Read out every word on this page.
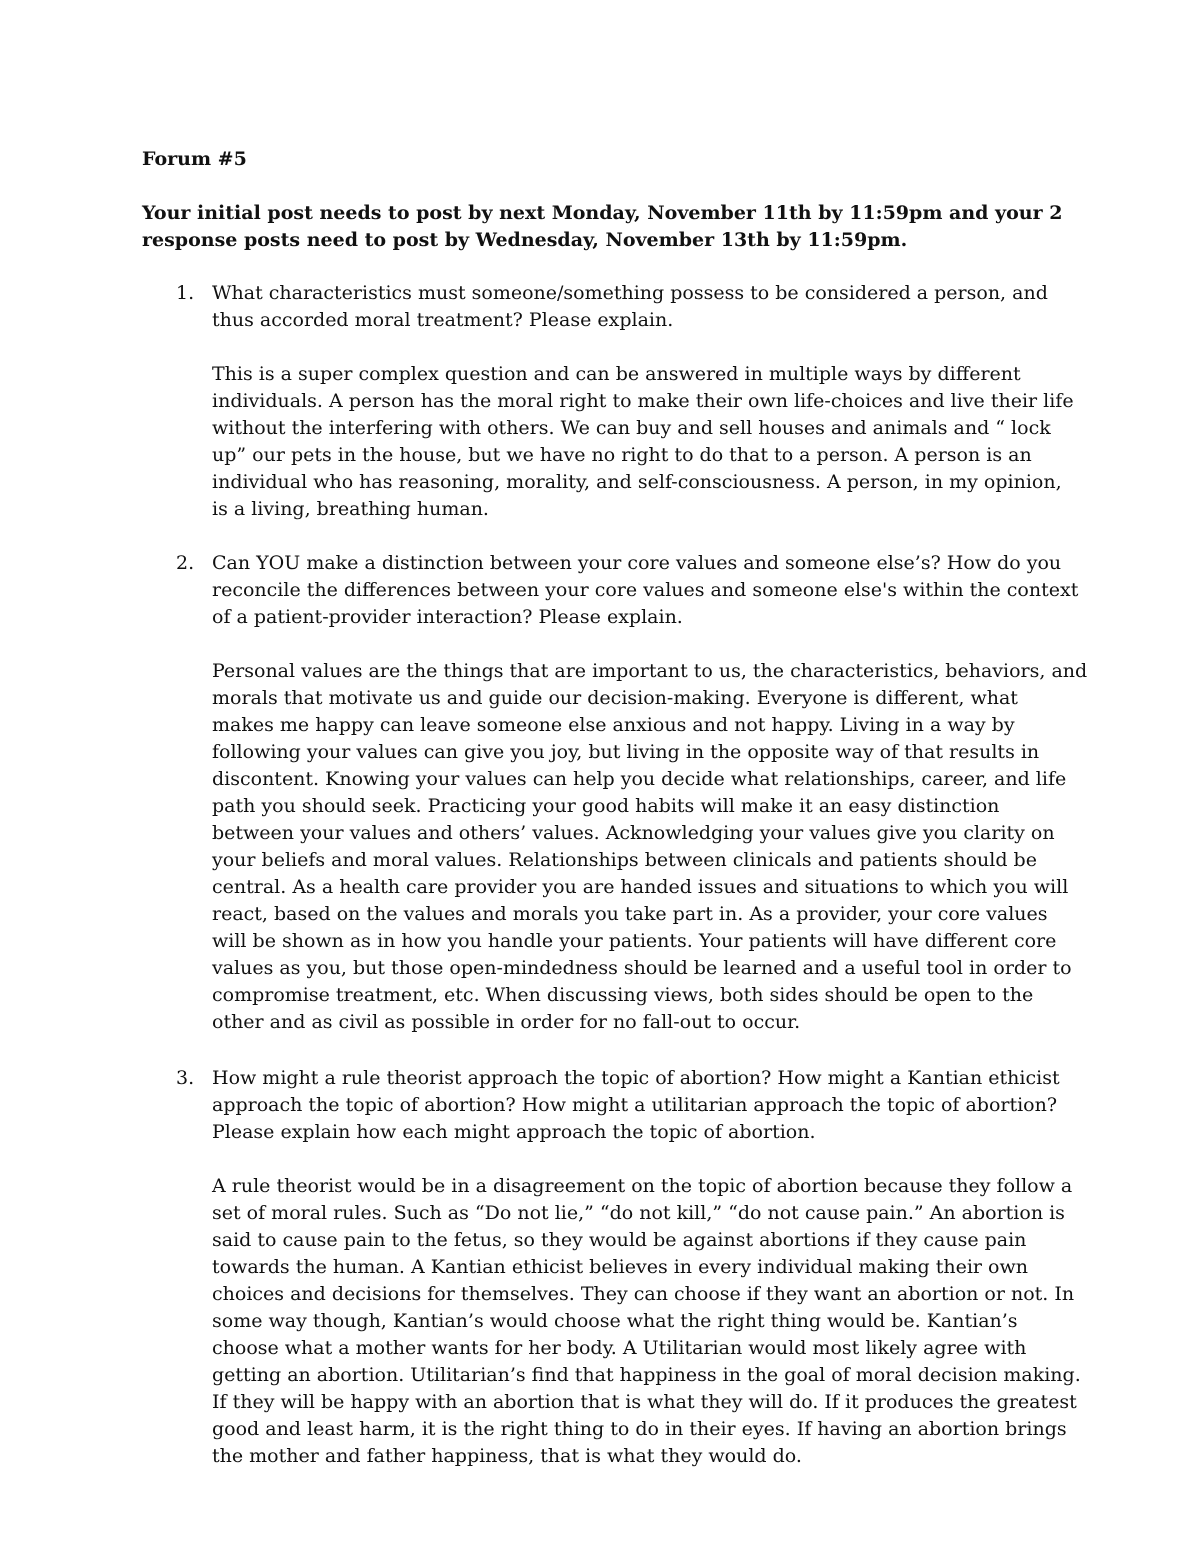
Forum #5
Your initial post needs to post by next Monday, November 11th by 11:59pm and your 2
response posts need to post by Wednesday, November 13th by 11:59pm.
1. What characteristics must someone/something possess to be considered a person, and
thus accorded moral treatment? Please explain.
This is a super complex question and can be answered in multiple ways by different
individuals. A person has the moral right to make their own life-choices and live their life
without the interfering with others. We can buy and sell houses and animals and “ lock
up” our pets in the house, but we have no right to do that to a person. A person is an
individual who has reasoning, morality, and self-consciousness. A person, in my opinion,
is a living, breathing human.
2. Can YOU make a distinction between your core values and someone else’s? How do you
reconcile the differences between your core values and someone else's within the context
of a patient-provider interaction? Please explain.
Personal values are the things that are important to us, the characteristics, behaviors, and
morals that motivate us and guide our decision-making. Everyone is different, what
makes me happy can leave someone else anxious and not happy. Living in a way by
following your values can give you joy, but living in the opposite way of that results in
discontent. Knowing your values can help you decide what relationships, career, and life
path you should seek. Practicing your good habits will make it an easy distinction
between your values and others’ values. Acknowledging your values give you clarity on
your beliefs and moral values. Relationships between clinicals and patients should be
central. As a health care provider you are handed issues and situations to which you will
react, based on the values and morals you take part in. As a provider, your core values
will be shown as in how you handle your patients. Your patients will have different core
values as you, but those open-mindedness should be learned and a useful tool in order to
compromise treatment, etc. When discussing views, both sides should be open to the
other and as civil as possible in order for no fall-out to occur.
3. How might a rule theorist approach the topic of abortion? How might a Kantian ethicist
approach the topic of abortion? How might a utilitarian approach the topic of abortion?
Please explain how each might approach the topic of abortion.
A rule theorist would be in a disagreement on the topic of abortion because they follow a
set of moral rules. Such as “Do not lie,” “do not kill,” “do not cause pain.” An abortion is
said to cause pain to the fetus, so they would be against abortions if they cause pain
towards the human. A Kantian ethicist believes in every individual making their own
choices and decisions for themselves. They can choose if they want an abortion or not. In
some way though, Kantian’s would choose what the right thing would be. Kantian’s
choose what a mother wants for her body. A Utilitarian would most likely agree with
getting an abortion. Utilitarian’s find that happiness in the goal of moral decision making.
If they will be happy with an abortion that is what they will do. If it produces the greatest
good and least harm, it is the right thing to do in their eyes. If having an abortion brings
the mother and father happiness, that is what they would do.
